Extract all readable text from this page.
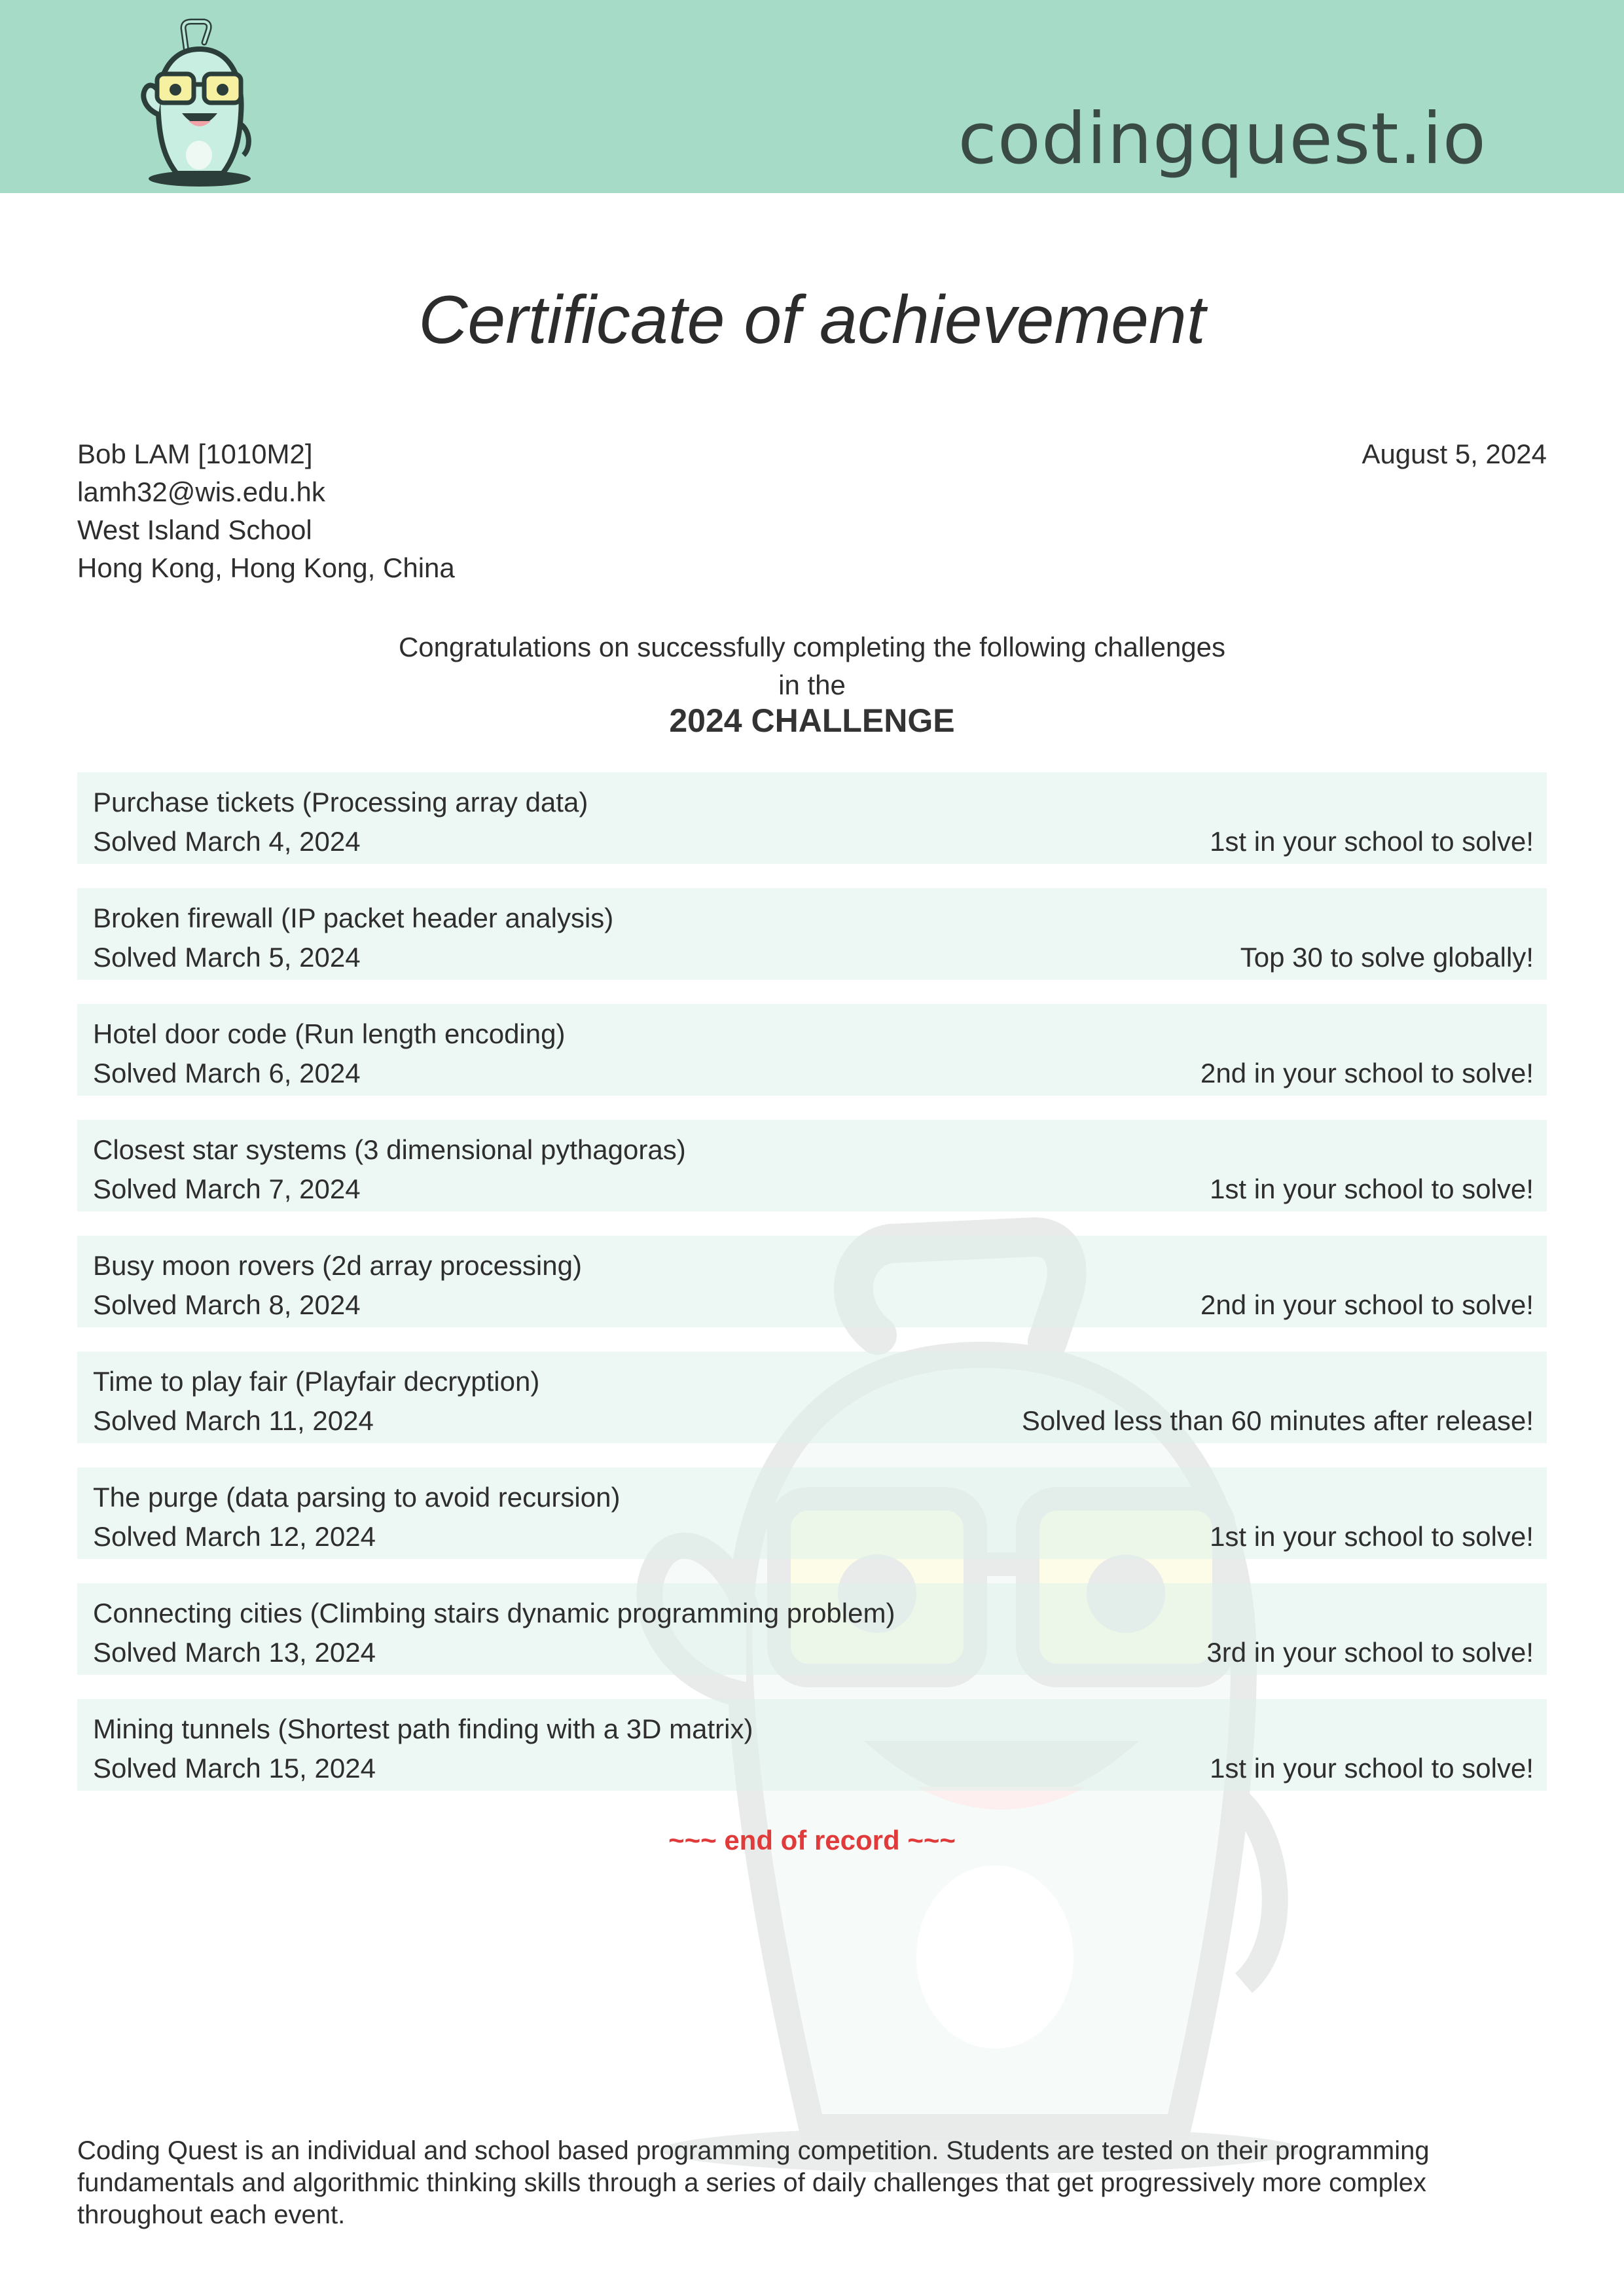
codingquest.io
Certificate of achievement
Bob LAM [1010M2]
lamh32@wis.edu.hk
West Island School
Hong Kong, Hong Kong, China
August 5, 2024
Congratulations on successfully completing the following challenges
in the
2024 CHALLENGE
Purchase tickets (Processing array data)
Solved March 4, 2024	1st in your school to solve!
Broken firewall (IP packet header analysis)
Solved March 5, 2024	Top 30 to solve globally!
Hotel door code (Run length encoding)
Solved March 6, 2024	2nd in your school to solve!
Closest star systems (3 dimensional pythagoras)
Solved March 7, 2024	1st in your school to solve!
Busy moon rovers (2d array processing)
Solved March 8, 2024	2nd in your school to solve!
Time to play fair (Playfair decryption)
Solved March 11, 2024	Solved less than 60 minutes after release!
The purge (data parsing to avoid recursion)
Solved March 12, 2024	1st in your school to solve!
Connecting cities (Climbing stairs dynamic programming problem)
Solved March 13, 2024	3rd in your school to solve!
Mining tunnels (Shortest path finding with a 3D matrix)
Solved March 15, 2024	1st in your school to solve!
~~~ end of record ~~~
Coding Quest is an individual and school based programming competition. Students are tested on their programming fundamentals and algorithmic thinking skills through a series of daily challenges that get progressively more complex throughout each event.
